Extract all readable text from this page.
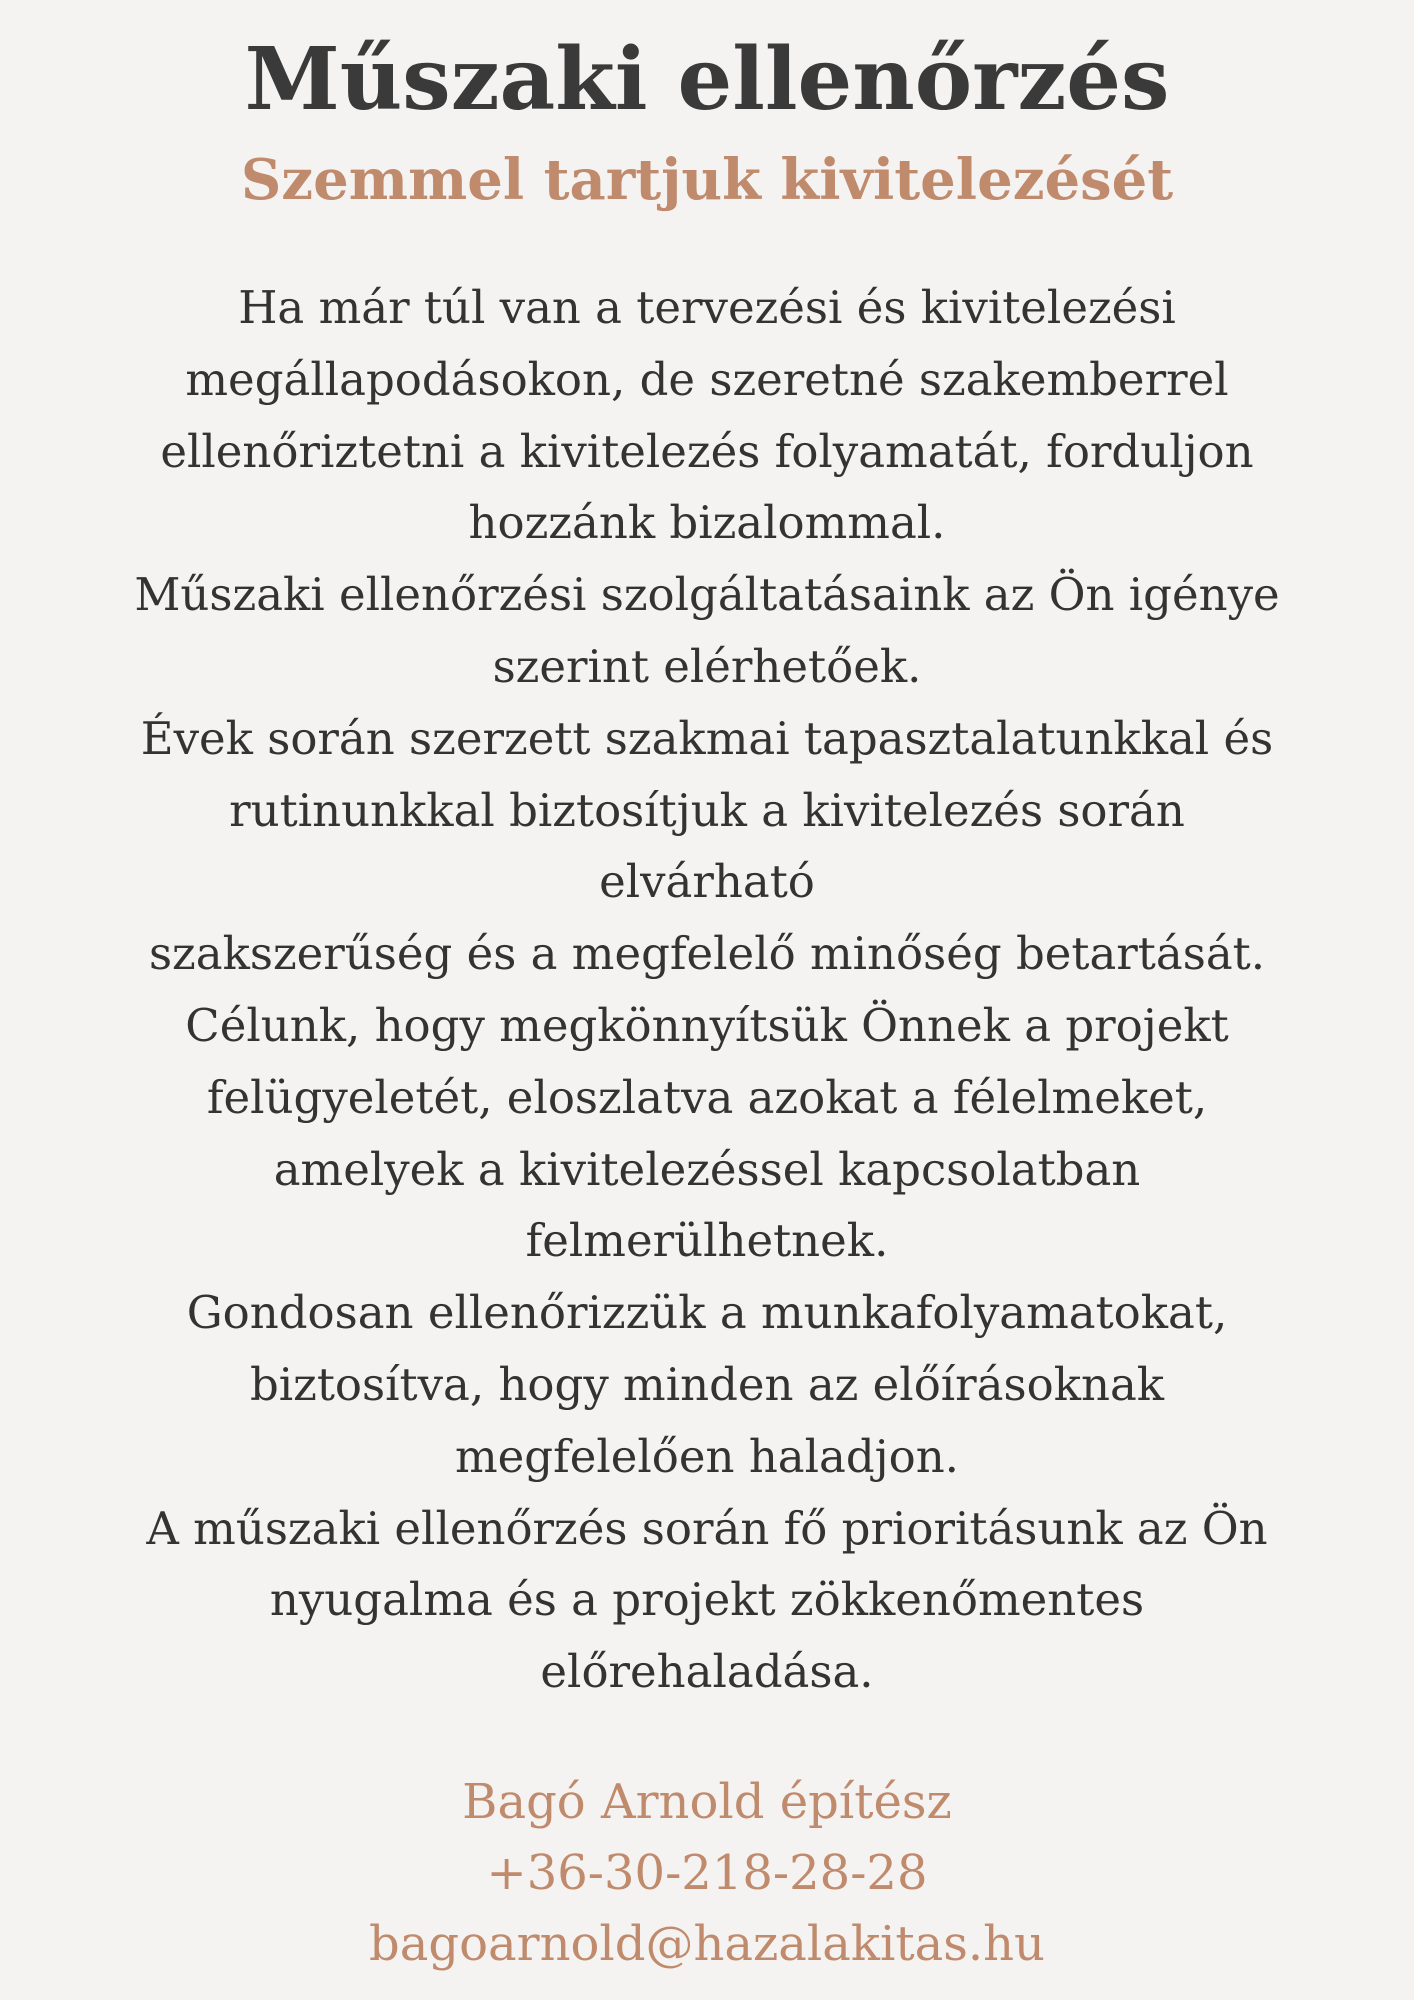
Műszaki ellenőrzés
Szemmel tartjuk kivitelezését
Ha már túl van a tervezési és kivitelezési
megállapodásokon, de szeretné szakemberrel
ellenőriztetni a kivitelezés folyamatát, forduljon
hozzánk bizalommal.
Műszaki ellenőrzési szolgáltatásaink az Ön igénye
szerint elérhetőek.
Évek során szerzett szakmai tapasztalatunkkal és
rutinunkkal biztosítjuk a kivitelezés során
elvárható
szakszerűség és a megfelelő minőség betartását.
Célunk, hogy megkönnyítsük Önnek a projekt
felügyeletét, eloszlatva azokat a félelmeket,
amelyek a kivitelezéssel kapcsolatban
felmerülhetnek.
Gondosan ellenőrizzük a munkafolyamatokat,
biztosítva, hogy minden az előírásoknak
megfelelően haladjon.
A műszaki ellenőrzés során fő prioritásunk az Ön
nyugalma és a projekt zökkenőmentes
előrehaladása.
Bagó Arnold építész
+36-30-218-28-28
bagoarnold@hazalakitas.hu
